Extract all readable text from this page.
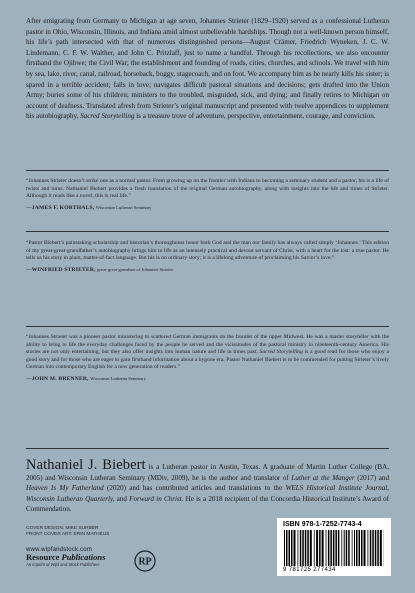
After emigrating from Germany to Michigan at age seven, Johannes Strieter (1829–1920) served as a confessional Lutheran pastor in Ohio, Wisconsin, Illinois, and Indiana amid almost unbelievable hardships. Though not a well-known person himself, his life’s path intersected with that of numerous distinguished persons—August Crämer, Friedrich Wyneken, J. C. W. Lindemann, C. F. W. Walther, and John C. Pritzlaff, just to name a handful. Through his recollections, we also encounter firsthand the Ojibwe; the Civil War; the establishment and founding of roads, cities, churches, and schools. We travel with him by sea, lake, river, canal, railroad, horseback, buggy, stagecoach, and on foot. We accompany him as he nearly kills his sister; is spared in a terrible accident; falls in love; navigates difficult pastoral situations and decisions; gets drafted into the Union Army; buries some of his children; ministers to the troubled, misguided, sick, and dying; and finally retires to Michigan on account of deafness. Translated afresh from Strieter’s original manuscript and presented with twelve appendices to supplement his autobiography, Sacred Storytelling is a treasure trove of adventure, perspective, entertainment, courage, and conviction.

“Johannes Strieter doesn’t strike one as a normal pastor. From growing up on the frontier with Indians to becoming a seminary student and a pastor, his is a life of twists and turns. Nathaniel Biebert provides a fresh translation of the original German autobiography, along with insights into the life and times of Strieter. Although it reads like a novel, this is real life.”

—JAMES F. KORTHALS, Wisconsin Lutheran Seminary

“Pastor Biebert’s painstaking scholarship and historian’s thoroughness honor both God and the man our family has always called simply ‘Johannes.’ This edition of my great-great-grandfather’s autobiography brings him to life as an intensely practical and devout servant of Christ, with a heart for the lost: a true pastor. He tells us his story in plain, matter-of-fact language. But his is no ordinary story; it is a lifelong adventure of proclaiming his Savior’s love.”

—WINFRIED STRIETER, great-great-grandson of Johannes Strieter

“Johannes Strieter was a pioneer pastor ministering to scattered German immigrants on the frontier of the upper Midwest. He was a master storyteller with the ability to bring to life the everyday challenges faced by the people he served and the vicissitudes of the pastoral ministry in nineteenth-century America. His stories are not only entertaining, but they also offer insights into human nature and life in times past. Sacred Storytelling is a good read for those who enjoy a good story and for those who are eager to gain firsthand information about a bygone era. Pastor Nathaniel Biebert is to be commended for putting Strieter’s lively German into contemporary English for a new generation of readers.”

—JOHN M. BRENNER, Wisconsin Lutheran Seminary
Nathaniel J. Biebert is a Lutheran pastor in Austin, Texas. A graduate of Martin Luther College (BA, 2005) and Wisconsin Lutheran Seminary (MDiv, 2009), he is the author and translator of Luther at the Manger (2017) and Heaven Is My Fatherland (2020) and has contributed articles and translations to the WELS Historical Institute Journal, Wisconsin Lutheran Quarterly, and Forward in Christ. He is a 2018 recipient of the Concordia Historical Institute’s Award of Commendation.
COVER DESIGN: MIKE SURBER
FRONT COVER ART: ERIN MATHEUS
www.wipfandstock.com
Resource Publications
An imprint of Wipf and Stock Publishers	RP
ISBN 978-1-7252-7743-4
9 781725 277434
